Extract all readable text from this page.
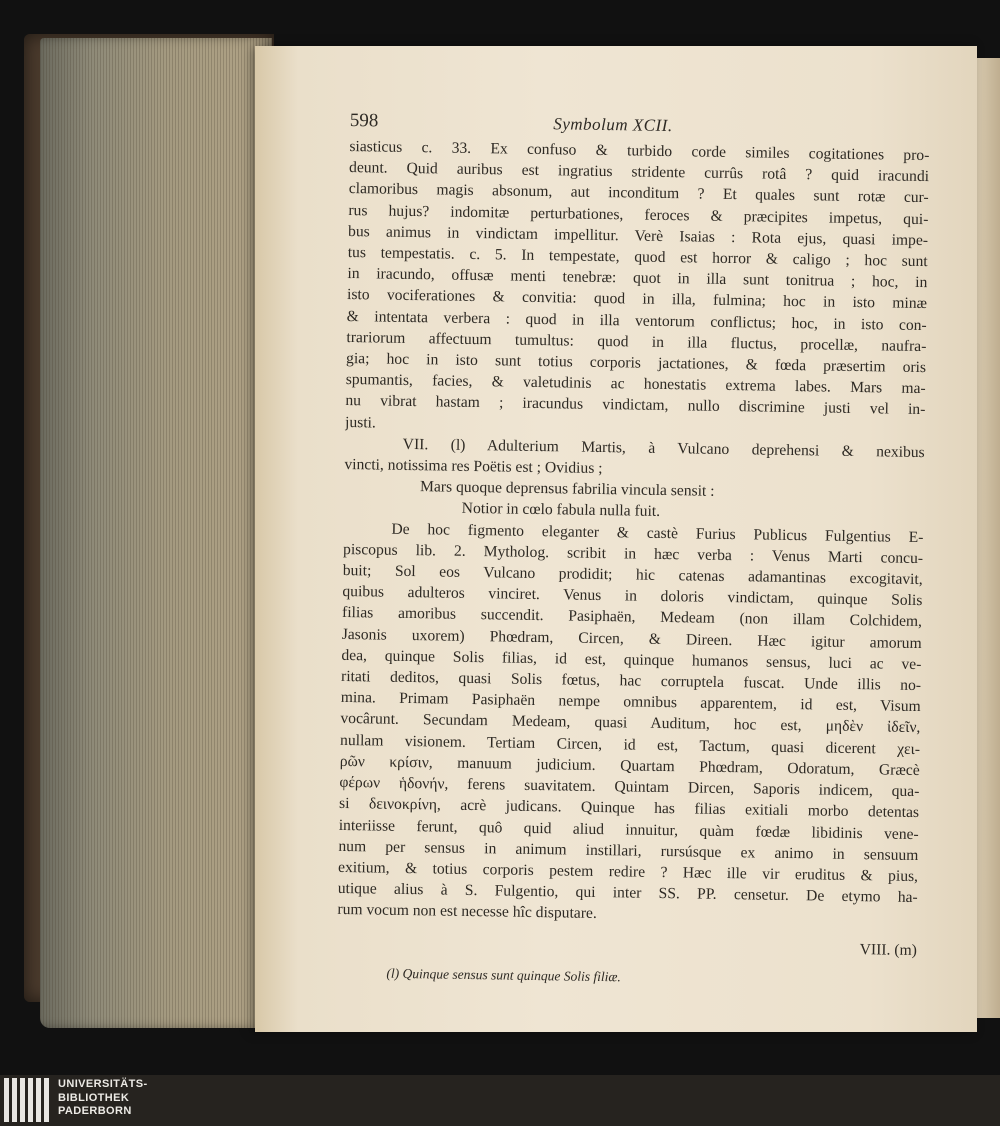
598	Symbolum XCII.
siasticus c. 33. Ex confuso & turbido corde similes cogitationes pro-
deunt. Quid auribus est ingratius stridente currûs rotâ ? quid iracundi
clamoribus magis absonum, aut inconditum ? Et quales sunt rotæ cur-
rus hujus? indomitæ perturbationes, feroces & præcipites impetus, qui-
bus animus in vindictam impellitur. Verè Isaias : Rota ejus, quasi impe-
tus tempestatis. c. 5. In tempestate, quod est horror & caligo ; hoc sunt
in iracundo, offusæ menti tenebræ: quot in illa sunt tonitrua ; hoc, in
isto vociferationes & convitia: quod in illa, fulmina; hoc in isto minæ
& intentata verbera : quod in illa ventorum conflictus; hoc, in isto con-
trariorum affectuum tumultus: quod in illa fluctus, procellæ, naufra-
gia; hoc in isto sunt totius corporis jactationes, & fœda præsertim oris
spumantis, facies, & valetudinis ac honestatis extrema labes. Mars ma-
nu vibrat hastam ; iracundus vindictam, nullo discrimine justi vel in-
justi.
VII. (l) Adulterium Martis, à Vulcano deprehensi & nexibus
vincti, notissima res Poëtis est ; Ovidius ;
Mars quoque deprensus fabrilia vincula sensit :
Notior in cœlo fabula nulla fuit.
De hoc figmento eleganter & castè Furius Publicus Fulgentius E-
piscopus lib. 2. Mytholog. scribit in hæc verba : Venus Marti concu-
buit; Sol eos Vulcano prodidit; hic catenas adamantinas excogitavit,
quibus adulteros vinciret. Venus in doloris vindictam, quinque Solis
filias amoribus succendit. Pasiphaën, Medeam (non illam Colchidem,
Jasonis uxorem) Phœdram, Circen, & Direen. Hæc igitur amorum
dea, quinque Solis filias, id est, quinque humanos sensus, luci ac ve-
ritati deditos, quasi Solis fœtus, hac corruptela fuscat. Unde illis no-
mina. Primam Pasiphaën nempe omnibus apparentem, id est, Visum
vocârunt. Secundam Medeam, quasi Auditum, hoc est, μηδὲν ἰδεῖν,
nullam visionem. Tertiam Circen, id est, Tactum, quasi dicerent χει-
ρῶν κρίσιν, manuum judicium. Quartam Phœdram, Odoratum, Græcè
φέρων ἡδονήν, ferens suavitatem. Quintam Dircen, Saporis indicem, qua-
si δεινοκρίνη, acrè judicans. Quinque has filias exitiali morbo detentas
interiisse ferunt, quô quid aliud innuitur, quàm fœdæ libidinis vene-
num per sensus in animum instillari, rursúsque ex animo in sensuum
exitium, & totius corporis pestem redire ? Hæc ille vir eruditus & pius,
utique alius à S. Fulgentio, qui inter SS. PP. censetur. De etymo ha-
rum vocum non est necesse hîc disputare.
VIII. (m)
(l) Quinque sensus sunt quinque Solis filiæ.
UNIVERSITÄTS-
BIBLIOTHEK
PADERBORN
